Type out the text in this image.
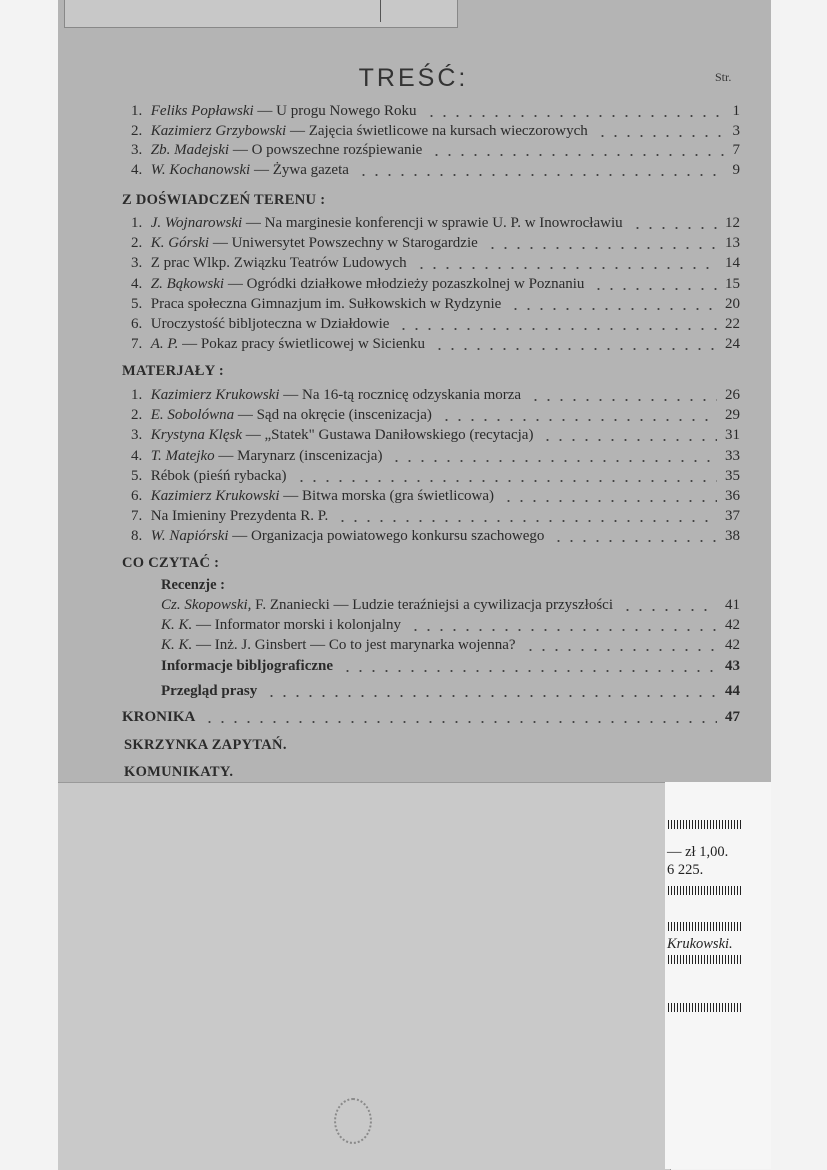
TREŚĆ:	Str.
1. Feliks Popławski — U progu Nowego Roku	1
2. Kazimierz Grzybowski — Zajęcia świetlicowe na kursach wieczorowych	3
3. Zb. Madejski — O powszechne rozśpiewanie	7
4. W. Kochanowski — Żywa gazeta	9
Z DOŚWIADCZEŃ TERENU :
1. J. Wojnarowski — Na marginesie konferencji w sprawie U. P. w Inowrocławiu	12
2. K. Górski — Uniwersytet Powszechny w Starogardzie	13
3. Z prac Wlkp. Związku Teatrów Ludowych	14
4. Z. Bąkowski — Ogródki działkowe młodzieży pozaszkolnej w Poznaniu	15
5. Praca społeczna Gimnazjum im. Sułkowskich w Rydzynie	20
6. Uroczystość bibljoteczna w Działdowie	22
7. A. P. — Pokaz pracy świetlicowej w Sicienku	24
MATERJAŁY :
1. Kazimierz Krukowski — Na 16-tą rocznicę odzyskania morza	26
2. E. Sobolówna — Sąd na okręcie (inscenizacja)	29
3. Krystyna Klęsk — „Statek" Gustawa Daniłowskiego (recytacja)	31
4. T. Matejko — Marynarz (inscenizacja)	33
5. Rébok (pieśń rybacka)	35
6. Kazimierz Krukowski — Bitwa morska (gra świetlicowa)	36
7. Na Imieniny Prezydenta R. P.	37
8. W. Napiórski — Organizacja powiatowego konkursu szachowego	38
CO CZYTAĆ :
Recenzje :
Cz. Skopowski, F. Znaniecki — Ludzie teraźniejsi a cywilizacja przyszłości	41
K. K. — Informator morski i kolonjalny	42
K. K. — Inż. J. Ginsbert — Co to jest marynarka wojenna?	42
Informacje bibljograficzne	43
Przegląd prasy	44
KRONIKA	47
SKRZYNKA ZAPYTAŃ.
KOMUNIKATY.
— zł 1,00.
6 225.
Krukowski.
